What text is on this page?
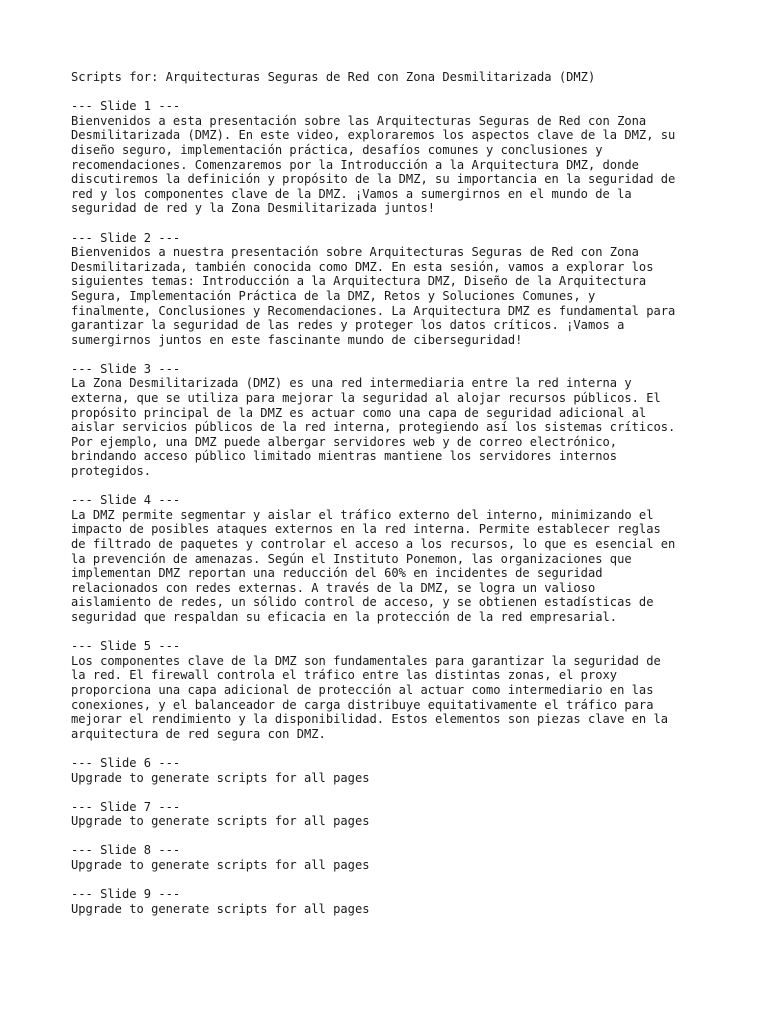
Scripts for: Arquitecturas Seguras de Red con Zona Desmilitarizada (DMZ)
--- Slide 1 ---
Bienvenidos a esta presentación sobre las Arquitecturas Seguras de Red con Zona
Desmilitarizada (DMZ). En este video, exploraremos los aspectos clave de la DMZ, su
diseño seguro, implementación práctica, desafíos comunes y conclusiones y
recomendaciones. Comenzaremos por la Introducción a la Arquitectura DMZ, donde
discutiremos la definición y propósito de la DMZ, su importancia en la seguridad de
red y los componentes clave de la DMZ. ¡Vamos a sumergirnos en el mundo de la
seguridad de red y la Zona Desmilitarizada juntos!
--- Slide 2 ---
Bienvenidos a nuestra presentación sobre Arquitecturas Seguras de Red con Zona
Desmilitarizada, también conocida como DMZ. En esta sesión, vamos a explorar los
siguientes temas: Introducción a la Arquitectura DMZ, Diseño de la Arquitectura
Segura, Implementación Práctica de la DMZ, Retos y Soluciones Comunes, y
finalmente, Conclusiones y Recomendaciones. La Arquitectura DMZ es fundamental para
garantizar la seguridad de las redes y proteger los datos críticos. ¡Vamos a
sumergirnos juntos en este fascinante mundo de ciberseguridad!
--- Slide 3 ---
La Zona Desmilitarizada (DMZ) es una red intermediaria entre la red interna y
externa, que se utiliza para mejorar la seguridad al alojar recursos públicos. El
propósito principal de la DMZ es actuar como una capa de seguridad adicional al
aislar servicios públicos de la red interna, protegiendo así los sistemas críticos.
Por ejemplo, una DMZ puede albergar servidores web y de correo electrónico,
brindando acceso público limitado mientras mantiene los servidores internos
protegidos.
--- Slide 4 ---
La DMZ permite segmentar y aislar el tráfico externo del interno, minimizando el
impacto de posibles ataques externos en la red interna. Permite establecer reglas
de filtrado de paquetes y controlar el acceso a los recursos, lo que es esencial en
la prevención de amenazas. Según el Instituto Ponemon, las organizaciones que
implementan DMZ reportan una reducción del 60% en incidentes de seguridad
relacionados con redes externas. A través de la DMZ, se logra un valioso
aislamiento de redes, un sólido control de acceso, y se obtienen estadísticas de
seguridad que respaldan su eficacia en la protección de la red empresarial.
--- Slide 5 ---
Los componentes clave de la DMZ son fundamentales para garantizar la seguridad de
la red. El firewall controla el tráfico entre las distintas zonas, el proxy
proporciona una capa adicional de protección al actuar como intermediario en las
conexiones, y el balanceador de carga distribuye equitativamente el tráfico para
mejorar el rendimiento y la disponibilidad. Estos elementos son piezas clave en la
arquitectura de red segura con DMZ.
--- Slide 6 ---
Upgrade to generate scripts for all pages
--- Slide 7 ---
Upgrade to generate scripts for all pages
--- Slide 8 ---
Upgrade to generate scripts for all pages
--- Slide 9 ---
Upgrade to generate scripts for all pages
